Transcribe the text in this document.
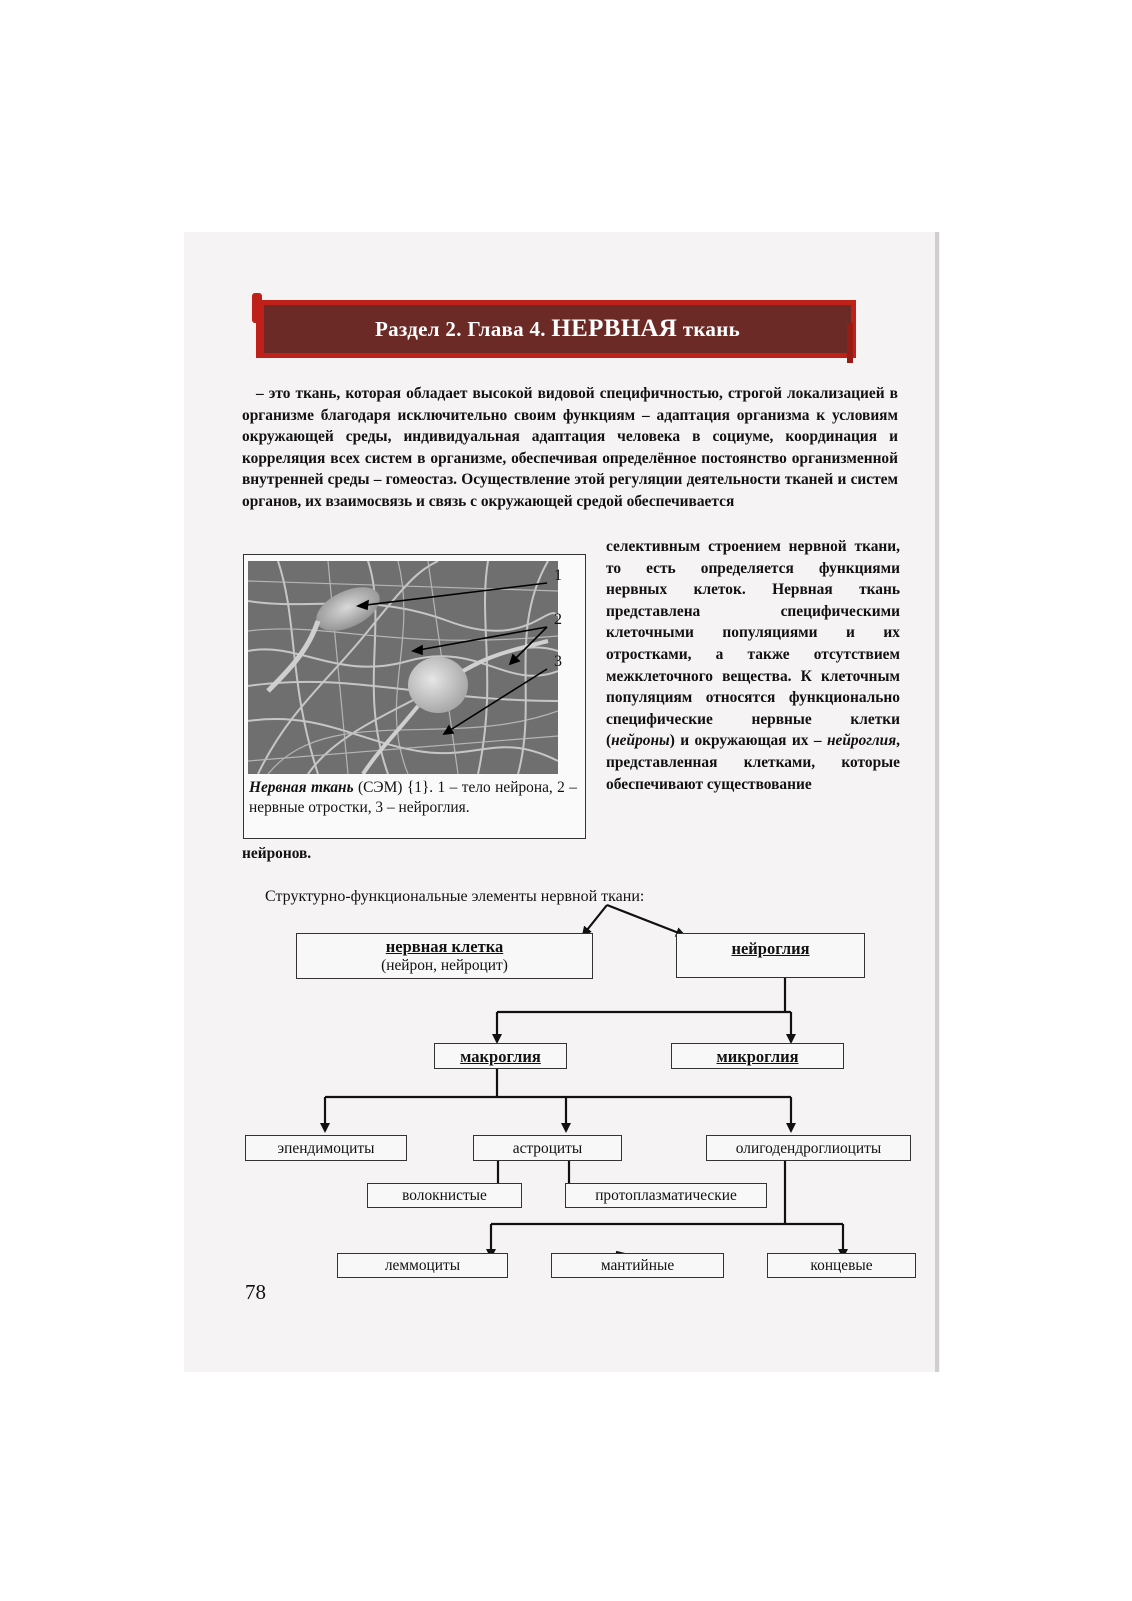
Раздел 2. Глава 4. НЕРВНАЯ ткань
– это ткань, которая обладает высокой видовой специфичностью, строгой локализацией в организме благодаря исключительно своим функциям – адаптация организма к условиям окружающей среды, индивидуальная адаптация человека в социуме, координация и корреляция всех систем в организме, обеспечивая определённое постоянство организменной внутренней среды – гомеостаз. Осуществление этой регуляции деятельности тканей и систем органов, их взаимосвязь и связь с окружающей средой обеспечивается
1
2
3
Нервная ткань (СЭМ) {1}. 1 – тело нейрона, 2 – нервные отростки, 3 – нейроглия.
селективным строением нервной ткани, то есть определяется функциями нервных клеток. Нервная ткань представлена специфическими клеточными популяциями и их отростками, а также отсутствием межклеточного вещества. К клеточным популяциям относятся функционально специфические нервные клетки (нейроны) и окружающая их – нейроглия, представленная клетками, которые обеспечивают существование
нейронов.
Структурно-функциональные элементы нервной ткани:
нервная клетка
(нейрон, нейроцит)
нейроглия
макроглия	микроглия
эпендимоциты	астроциты	олигодендроглиоциты
волокнистые	протоплазматические
леммоциты	мантийные	концевые
78
